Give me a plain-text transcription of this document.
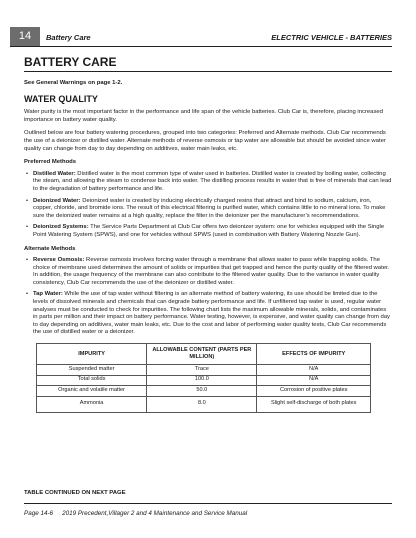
14	Battery Care	ELECTRIC VEHICLE - BATTERIES
BATTERY CARE

See General Warnings on page 1-2.

WATER QUALITY

Water purity is the most important factor in the performance and life span of the vehicle batteries. Club Car is, therefore, placing increased importance on battery water quality.

Outlined below are four battery watering procedures, grouped into two categories: Preferred and Alternate methods. Club Car recommends the use of a deionizer or distilled water. Alternate methods of reverse osmosis or tap water are allowable but should be avoided since water quality can change from day to day depending on additives, water main leaks, etc.

Preferred Methods
• Distilled Water: Distilled water is the most common type of water used in batteries. Distilled water is created by boiling water, collecting the steam, and allowing the steam to condense back into water. The distilling process results in water that is free of minerals that can lead to the degradation of battery performance and life.
• Deionized Water: Deionized water is created by inducing electrically charged resins that attract and bind to sodium, calcium, iron, copper, chloride, and bromide ions. The result of this electrical filtering is purified water, which contains little to no mineral ions. To make sure the deionized water remains at a high quality, replace the filter in the deionizer per the manufacturer’s recommendations.
• Deionized Systems: The Service Parts Department at Club Car offers two deionizer system: one for vehicles equipped with the Single Point Watering System (SPWS), and one for vehicles without SPWS (used in combination with Battery Watering Nozzle Gun).
Alternate Methods
• Reverse Osmosis: Reverse osmosis involves forcing water through a membrane that allows water to pass while trapping solids. The choice of membrane used determines the amount of solids or impurities that get trapped and hence the purity quality of the filtered water. In addition, the usage frequency of the membrane can also contribute to the filtered water quality. Due to the variance in water quality consistency, Club Car recommends the use of the deionizer or distilled water.
• Tap Water: While the use of tap water without filtering is an alternate method of battery watering, its use should be limited due to the levels of dissolved minerals and chemicals that can degrade battery performance and life. If unfiltered tap water is used, regular water analyses must be conducted to check for impurities. The following chart lists the maximum allowable minerals, solids, and contaminates in parts per million and their impact on battery performance. Water testing, however, is expensive, and water quality can change from day to day depending on additives, water main leaks, etc. Due to the cost and labor of performing water quality tests, Club Car recommends the use of distilled water or a deionizer.
IMPURITY	ALLOWABLE CONTENT (PARTS PER MILLION)	EFFECTS OF IMPURITY
Suspended matter	Trace	N/A
Total solids	100.0	N/A
Organic and volatile matter	50.0	Corrosion of positive plates
Ammonia	8.0	Slight self-discharge of both plates
TABLE CONTINUED ON NEXT PAGE
Page 14-6 2019 Precedent,Villager 2 and 4 Maintenance and Service Manual
